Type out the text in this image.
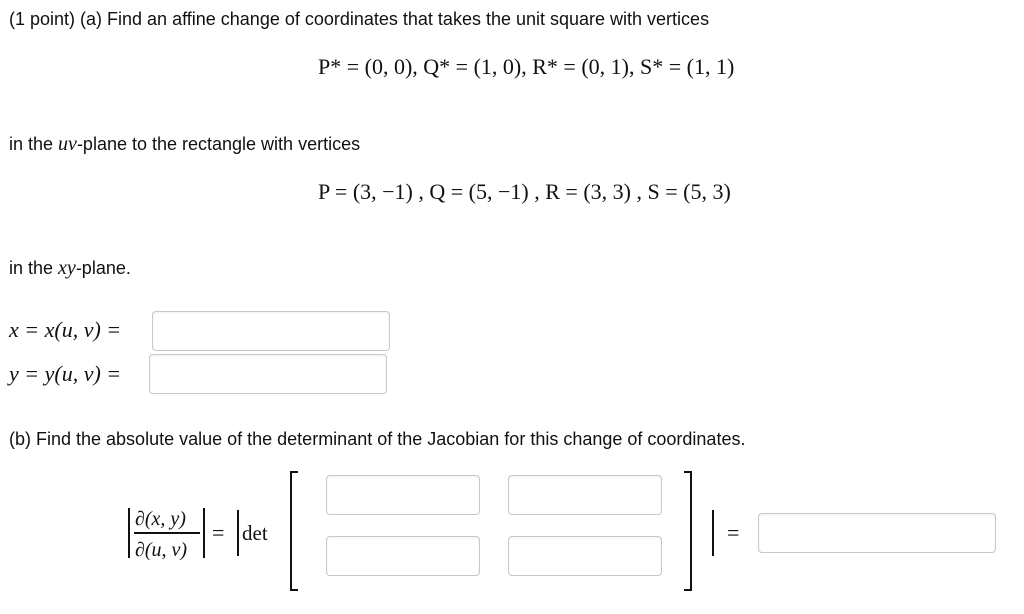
(1 point) (a) Find an affine change of coordinates that takes the unit square with vertices
P* = (0, 0), Q* = (1, 0), R* = (0, 1), S* = (1, 1)
in the uv-plane to the rectangle with vertices
P = (3, −1) , Q = (5, −1) , R = (3, 3) , S = (5, 3)
in the xy-plane.
x = x(u, v) =
y = y(u, v) =
(b) Find the absolute value of the determinant of the Jacobian for this change of coordinates.
∂(x, y)
∂(u, v)
= det	=
